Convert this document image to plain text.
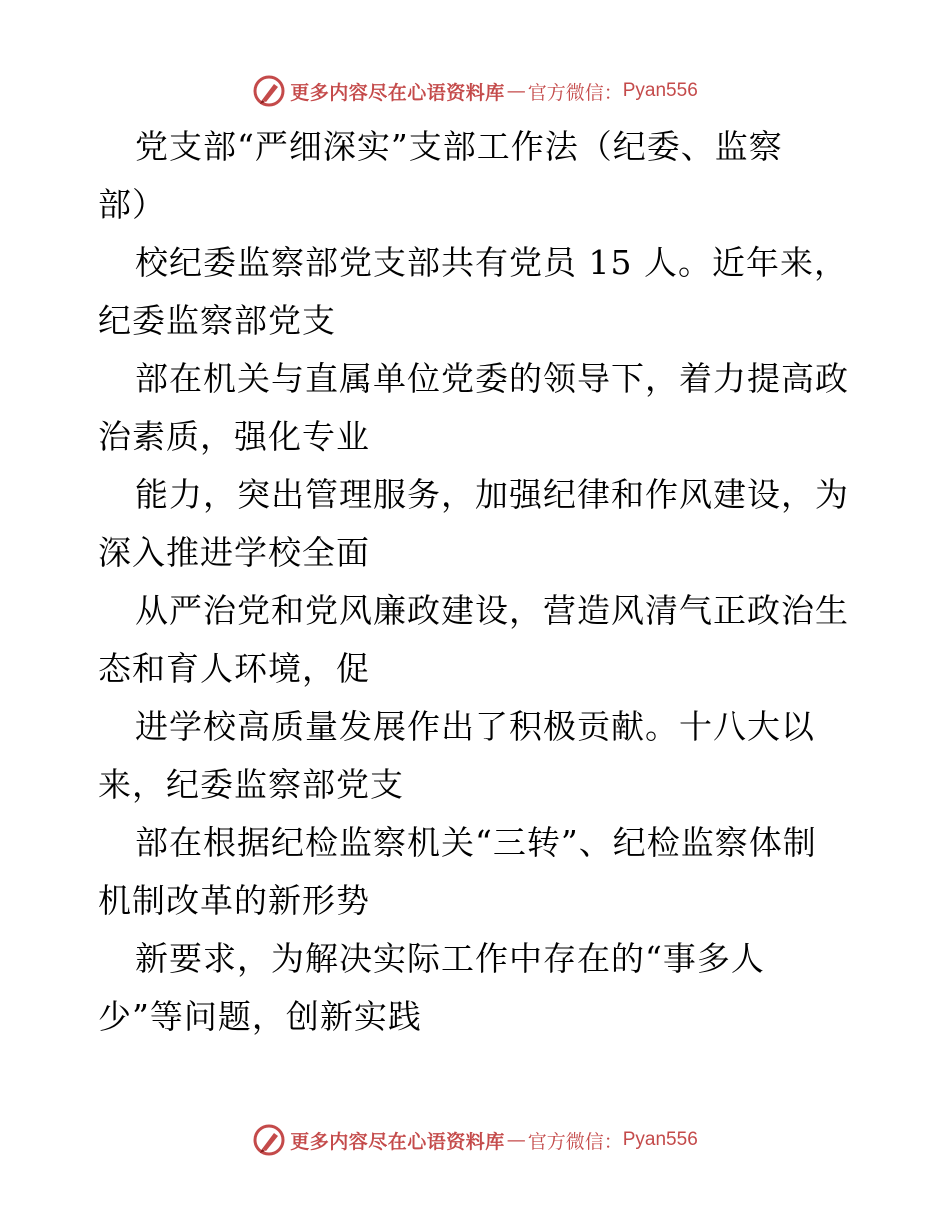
更多内容尽在心语资料库 — 官方微信： Pyan556
党支部“严细深实”支部工作法（纪委、监察
部）
校纪委监察部党支部共有党员 15 人。近年来，
纪委监察部党支
部在机关与直属单位党委的领导下，着力提高政
治素质，强化专业
能力，突出管理服务，加强纪律和作风建设，为
深入推进学校全面
从严治党和党风廉政建设，营造风清气正政治生
态和育人环境，促
进学校高质量发展作出了积极贡献。十八大以
来，纪委监察部党支
部在根据纪检监察机关“三转”、纪检监察体制
机制改革的新形势
新要求，为解决实际工作中存在的“事多人
少”等问题，创新实践
更多内容尽在心语资料库 — 官方微信： Pyan556
